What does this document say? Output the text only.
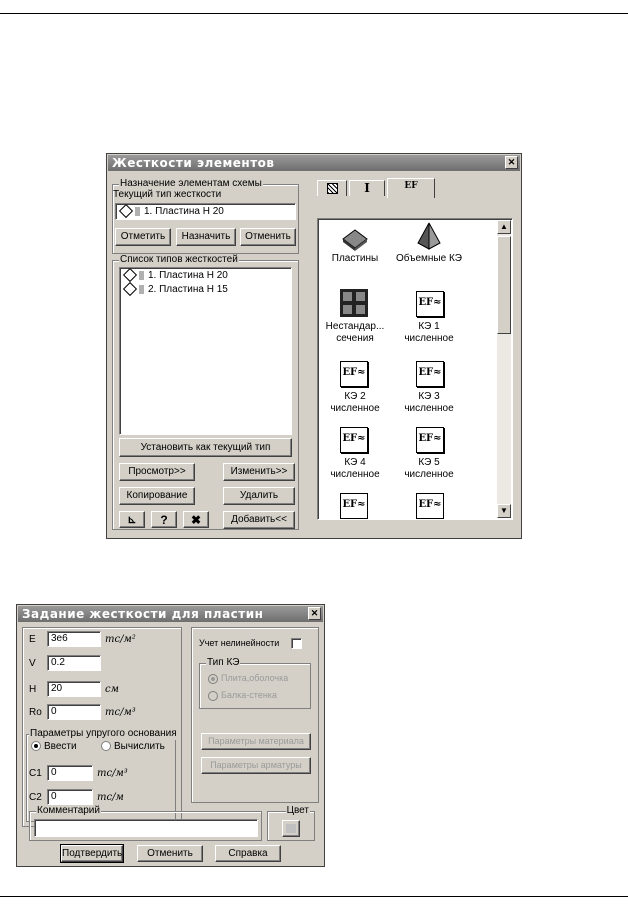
Жесткости элементов	✕
Назначение элементам схемы
Текущий тип жесткости
1. Пластина Н 20
Отметить	Назначить	Отменить
Список типов жесткостей
1. Пластина Н 20
2. Пластина Н 15
Установить как текущий тип
Просмотр>>	Изменить>>
Копирование	Удалить
⊾	?	✖	Добавить<<
I	EF
▲
▼
Пластины	Объемные КЭ
Нестандар...
сечения
EF≈
КЭ 1
численное
EF≈
КЭ 2
численное
EF≈
КЭ 3
численное
EF≈
КЭ 4
численное
EF≈
КЭ 5
численное
EF≈	EF≈
Задание жесткости для пластин	✕
E	3е6	тс/м²
V	0.2
H	20	см
Ro 0	тс/м³
Параметры упругого основания
Ввести	Вычислить
C1 0	тс/м³
C2 0	тс/м
Учет нелинейности
Тип КЭ
Плита,оболочка
Балка-стенка
Параметры материала
Параметры арматуры
Комментарий	Цвет
Подтвердить	Отменить	Справка
